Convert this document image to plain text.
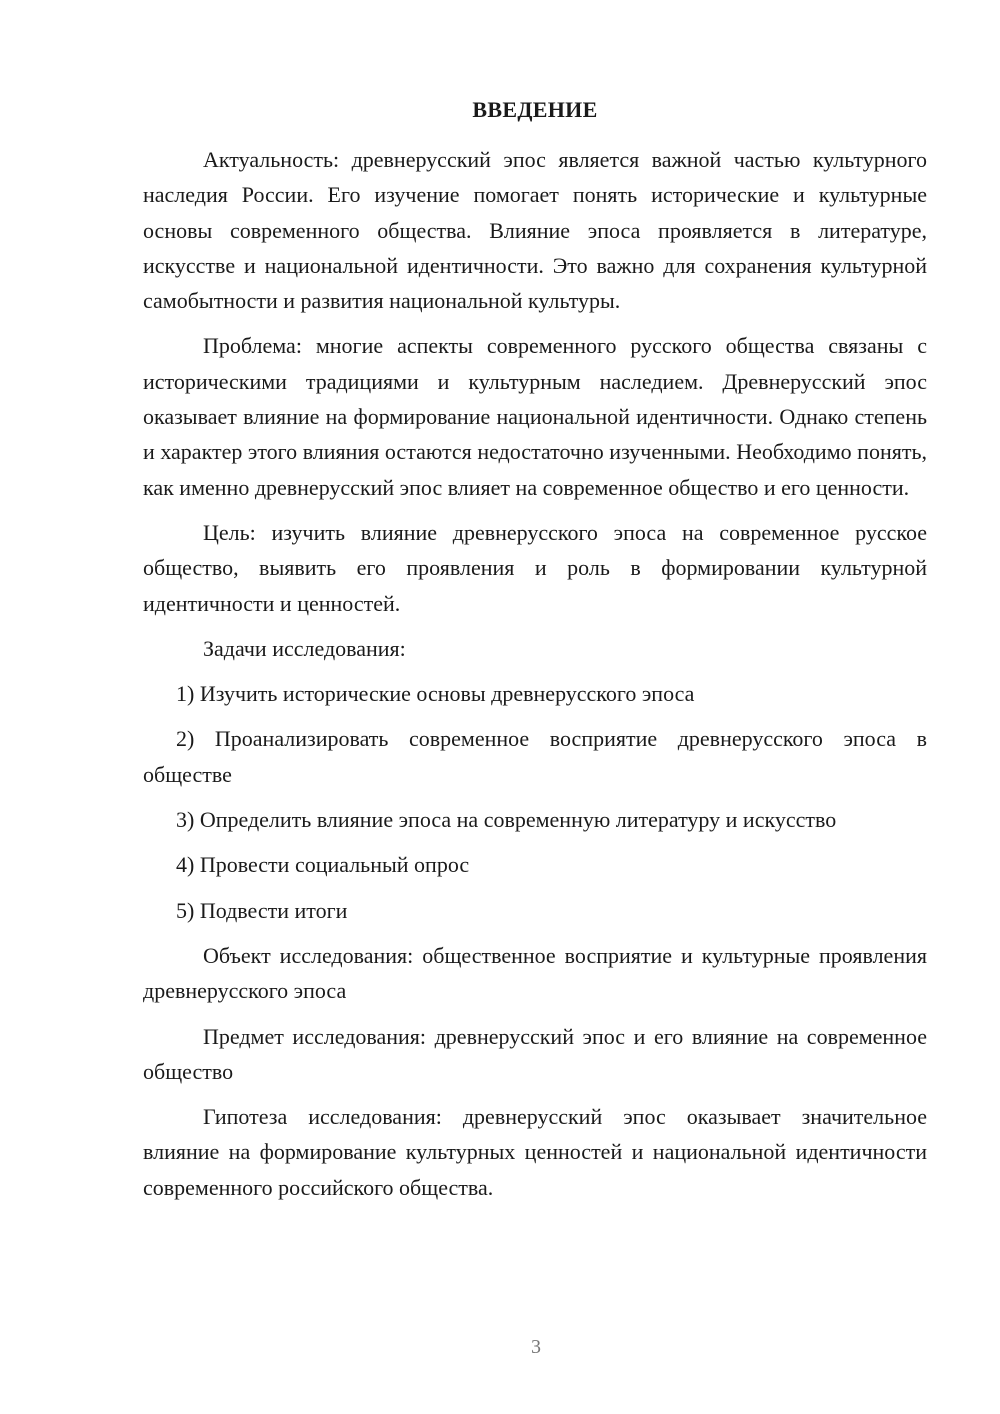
ВВЕДЕНИЕ

Актуальность: древнерусский эпос является важной частью культурного наследия России. Его изучение помогает понять исторические и культурные основы современного общества. Влияние эпоса проявляется в литературе, искусстве и национальной идентичности. Это важно для сохранения культурной самобытности и развития национальной культуры.

Проблема: многие аспекты современного русского общества связаны с историческими традициями и культурным наследием. Древнерусский эпос оказывает влияние на формирование национальной идентичности. Однако степень и характер этого влияния остаются недостаточно изученными. Необходимо понять, как именно древнерусский эпос влияет на современное общество и его ценности.

Цель: изучить влияние древнерусского эпоса на современное русское общество, выявить его проявления и роль в формировании культурной идентичности и ценностей.

Задачи исследования:

1) Изучить исторические основы древнерусского эпоса

2) Проанализировать современное восприятие древнерусского эпоса в обществе

3) Определить влияние эпоса на современную литературу и искусство

4) Провести социальный опрос

5) Подвести итоги

Объект исследования: общественное восприятие и культурные проявления древнерусского эпоса

Предмет исследования: древнерусский эпос и его влияние на современное общество

Гипотеза исследования: древнерусский эпос оказывает значительное влияние на формирование культурных ценностей и национальной идентичности современного российского общества.

3
